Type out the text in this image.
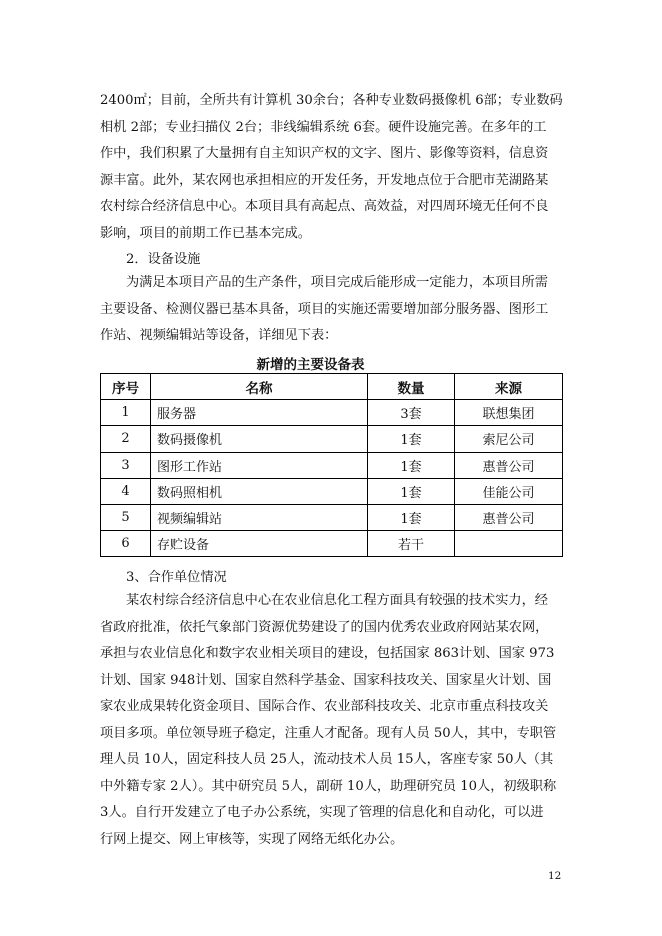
2400㎡；目前，全所共有计算机 30余台；各种专业数码摄像机 6部；专业数码
相机 2部；专业扫描仪 2台；非线编辑系统 6套。硬件设施完善。在多年的工
作中，我们积累了大量拥有自主知识产权的文字、图片、影像等资料，信息资
源丰富。此外，某农网也承担相应的开发任务，开发地点位于合肥市芜湖路某
农村综合经济信息中心。本项目具有高起点、高效益，对四周环境无任何不良
影响，项目的前期工作已基本完成。
2．设备设施
为满足本项目产品的生产条件，项目完成后能形成一定能力，本项目所需
主要设备、检测仪器已基本具备，项目的实施还需要增加部分服务器、图形工
作站、视频编辑站等设备，详细见下表：
新增的主要设备表
序号	名称	数量	来源
1	服务器	3套	联想集团
2	数码摄像机	1套	索尼公司
3	图形工作站	1套	惠普公司
4	数码照相机	1套	佳能公司
5	视频编辑站	1套	惠普公司
6	存贮设备	若干	
3、合作单位情况
某农村综合经济信息中心在农业信息化工程方面具有较强的技术实力，经
省政府批准，依托气象部门资源优势建设了的国内优秀农业政府网站某农网，
承担与农业信息化和数字农业相关项目的建设，包括国家 863计划、国家 973
计划、国家 948计划、国家自然科学基金、国家科技攻关、国家星火计划、国
家农业成果转化资金项目、国际合作、农业部科技攻关、北京市重点科技攻关
项目多项。单位领导班子稳定，注重人才配备。现有人员 50人，其中，专职管
理人员 10人，固定科技人员 25人，流动技术人员 15人，客座专家 50人（其
中外籍专家 2人）。其中研究员 5人，副研 10人，助理研究员 10人，初级职称
3人。自行开发建立了电子办公系统，实现了管理的信息化和自动化，可以进
行网上提交、网上审核等，实现了网络无纸化办公。
12
